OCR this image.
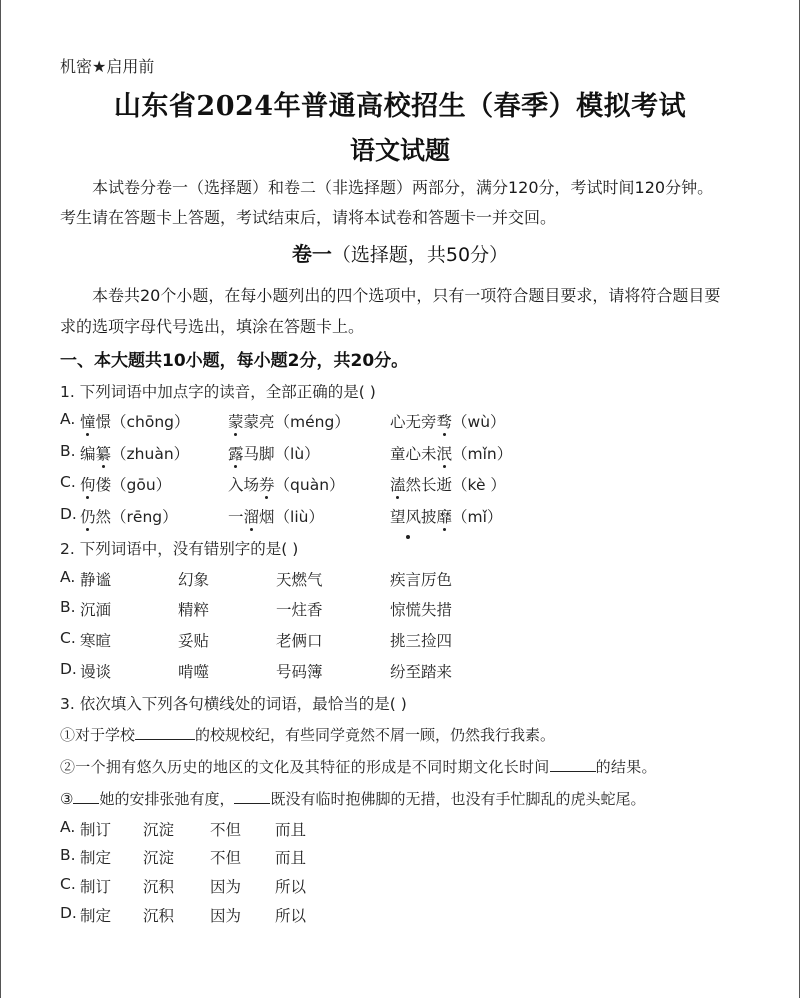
机密★启用前
山东省2024年普通高校招生（春季）模拟考试
语文试题
本试卷分卷一（选择题）和卷二（非选择题）两部分，满分120分，考试时间120分钟。
考生请在答题卡上答题，考试结束后，请将本试卷和答题卡一并交回。
卷一（选择题，共50分）
本卷共20个小题，在每小题列出的四个选项中，只有一项符合题目要求，请将符合题目要
求的选项字母代号选出，填涂在答题卡上。
一、本大题共10小题，每小题2分，共20分。
1. 下列词语中加点字的读音，全部正确的是( )
A. 憧憬（chōng） 蒙蒙亮（méng）	心无旁骛（wù）
B. 编纂（zhuàn）	露马脚（lù）	童心未泯（mǐn）
C. 佝偻（gōu）	入场券（quàn）	溘然长逝（kè ）
D. 仍然（rēng）	一溜烟（liù）	望风披靡（mǐ）
2. 下列词语中，没有错别字的是( )
A. 静谧	幻象	天燃气	疾言厉色
B. 沉湎	精粹	一炷香	惊慌失措
C. 寒暄	妥贴	老俩口	挑三捡四
D. 谩谈	啃噬	号码簿	纷至踏来
3. 依次填入下列各句横线处的词语，最恰当的是( )
①对于学校	的校规校纪，有些同学竟然不屑一顾，仍然我行我素。
②一个拥有悠久历史的地区的文化及其特征的形成是不同时期文化长时间	的结果。
③ 她的安排张弛有度， 既没有临时抱佛脚的无措，也没有手忙脚乱的虎头蛇尾。
A. 制订 沉淀 不但 而且
B. 制定 沉淀 不但 而且
C. 制订 沉积 因为 所以
D. 制定 沉积 因为 所以
